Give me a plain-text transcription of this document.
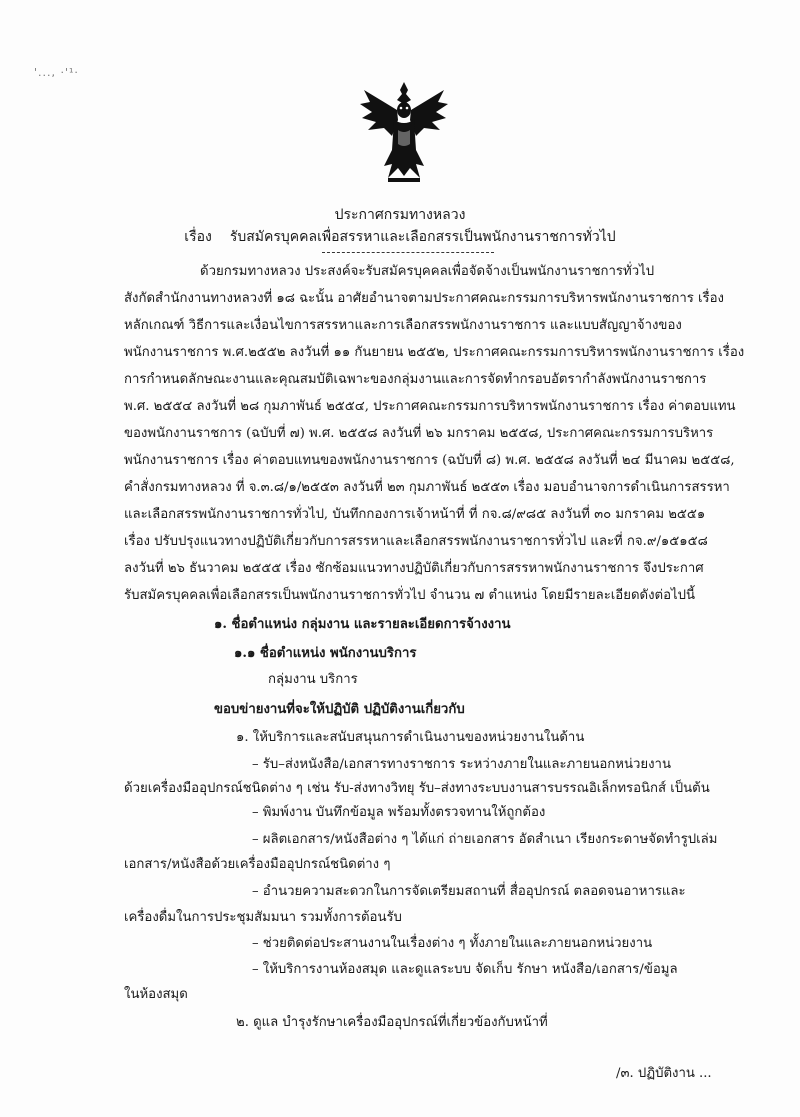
'..., ·'¹·
ประกาศกรมทางหลวง
เรื่อง รับสมัครบุคคลเพื่อสรรหาและเลือกสรรเป็นพนักงานราชการทั่วไป
ด้วยกรมทางหลวง ประสงค์จะรับสมัครบุคคลเพื่อจัดจ้างเป็นพนักงานราชการทั่วไป
สังกัดสำนักงานทางหลวงที่ ๑๘ ฉะนั้น อาศัยอำนาจตามประกาศคณะกรรมการบริหารพนักงานราชการ เรื่อง
หลักเกณฑ์ วิธีการและเงื่อนไขการสรรหาและการเลือกสรรพนักงานราชการ และแบบสัญญาจ้างของ
พนักงานราชการ พ.ศ.๒๕๕๒ ลงวันที่ ๑๑ กันยายน ๒๕๕๒, ประกาศคณะกรรมการบริหารพนักงานราชการ เรื่อง
การกำหนดลักษณะงานและคุณสมบัติเฉพาะของกลุ่มงานและการจัดทำกรอบอัตรากำลังพนักงานราชการ
พ.ศ. ๒๕๕๔ ลงวันที่ ๒๘ กุมภาพันธ์ ๒๕๕๔, ประกาศคณะกรรมการบริหารพนักงานราชการ เรื่อง ค่าตอบแทน
ของพนักงานราชการ (ฉบับที่ ๗) พ.ศ. ๒๕๕๘ ลงวันที่ ๒๖ มกราคม ๒๕๕๘, ประกาศคณะกรรมการบริหาร
พนักงานราชการ เรื่อง ค่าตอบแทนของพนักงานราชการ (ฉบับที่ ๘) พ.ศ. ๒๕๕๘ ลงวันที่ ๒๔ มีนาคม ๒๕๕๘,
คำสั่งกรมทางหลวง ที่ จ.๓.๘/๑/๒๕๕๓ ลงวันที่ ๒๓ กุมภาพันธ์ ๒๕๕๓ เรื่อง มอบอำนาจการดำเนินการสรรหา
และเลือกสรรพนักงานราชการทั่วไป, บันทึกกองการเจ้าหน้าที่ ที่ กจ.๘/๙๘๕ ลงวันที่ ๓๐ มกราคม ๒๕๕๑
เรื่อง ปรับปรุงแนวทางปฏิบัติเกี่ยวกับการสรรหาและเลือกสรรพนักงานราชการทั่วไป และที่ กจ.๙/๑๕๑๕๘
ลงวันที่ ๒๖ ธันวาคม ๒๕๕๕ เรื่อง ซักซ้อมแนวทางปฏิบัติเกี่ยวกับการสรรหาพนักงานราชการ จึงประกาศ
รับสมัครบุคคลเพื่อเลือกสรรเป็นพนักงานราชการทั่วไป จำนวน ๗ ตำแหน่ง โดยมีรายละเอียดดังต่อไปนี้
๑. ชื่อตำแหน่ง กลุ่มงาน และรายละเอียดการจ้างงาน
๑.๑ ชื่อตำแหน่ง พนักงานบริการ
กลุ่มงาน บริการ
ขอบข่ายงานที่จะให้ปฏิบัติ ปฏิบัติงานเกี่ยวกับ
๑. ให้บริการและสนับสนุนการดำเนินงานของหน่วยงานในด้าน
– รับ–ส่งหนังสือ/เอกสารทางราชการ ระหว่างภายในและภายนอกหน่วยงาน
ด้วยเครื่องมืออุปกรณ์ชนิดต่าง ๆ เช่น รับ-ส่งทางวิทยุ รับ–ส่งทางระบบงานสารบรรณอิเล็กทรอนิกส์ เป็นต้น
– พิมพ์งาน บันทึกข้อมูล พร้อมทั้งตรวจทานให้ถูกต้อง
– ผลิตเอกสาร/หนังสือต่าง ๆ ได้แก่ ถ่ายเอกสาร อัดสำเนา เรียงกระดาษจัดทำรูปเล่ม
เอกสาร/หนังสือด้วยเครื่องมืออุปกรณ์ชนิดต่าง ๆ
– อำนวยความสะดวกในการจัดเตรียมสถานที่ สื่ออุปกรณ์ ตลอดจนอาหารและ
เครื่องดื่มในการประชุมสัมมนา รวมทั้งการต้อนรับ
– ช่วยติดต่อประสานงานในเรื่องต่าง ๆ ทั้งภายในและภายนอกหน่วยงาน
– ให้บริการงานห้องสมุด และดูแลระบบ จัดเก็บ รักษา หนังสือ/เอกสาร/ข้อมูล
ในห้องสมุด
๒. ดูแล บำรุงรักษาเครื่องมืออุปกรณ์ที่เกี่ยวข้องกับหน้าที่
/๓. ปฏิบัติงาน ...
